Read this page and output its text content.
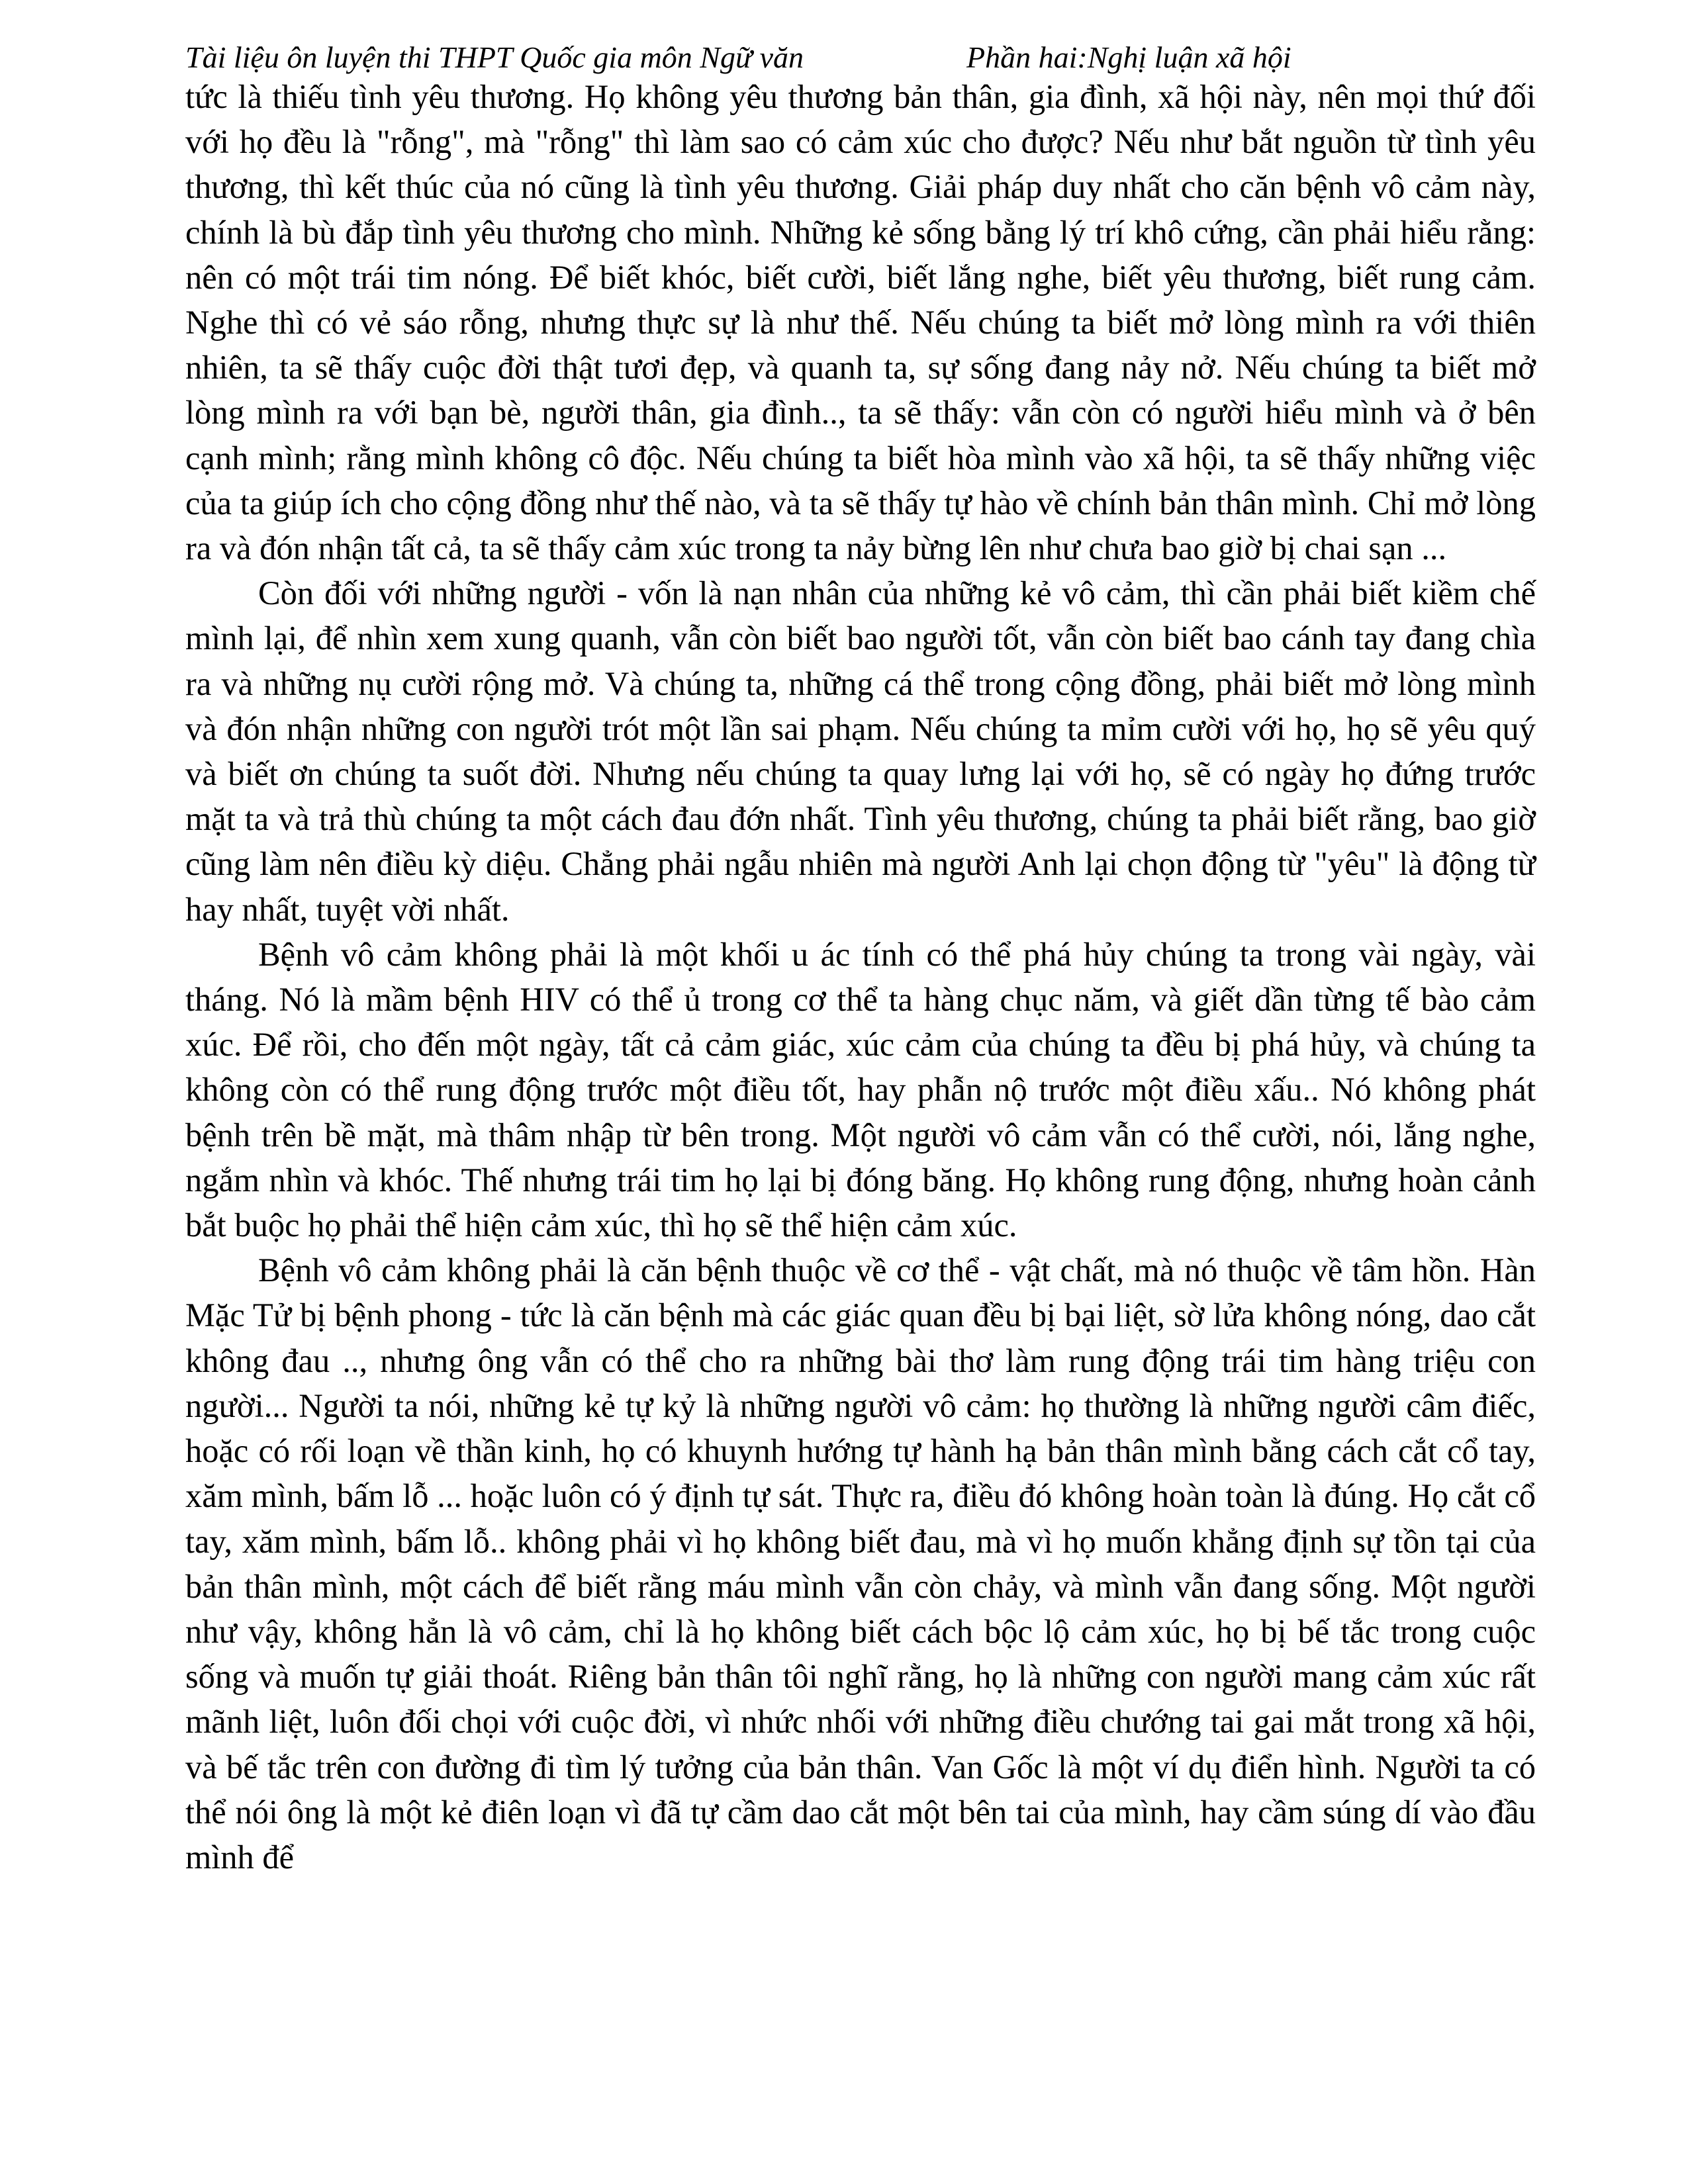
Tài liệu ôn luyện thi THPT Quốc gia môn Ngữ văn	Phần hai:Nghị luận xã hội

tức là thiếu tình yêu thương. Họ không yêu thương bản thân, gia đình, xã hội này, nên mọi thứ đối với họ đều là "rỗng", mà "rỗng" thì làm sao có cảm xúc cho được? Nếu như bắt nguồn từ tình yêu thương, thì kết thúc của nó cũng là tình yêu thương. Giải pháp duy nhất cho căn bệnh vô cảm này, chính là bù đắp tình yêu thương cho mình. Những kẻ sống bằng lý trí khô cứng, cần phải hiểu rằng: nên có một trái tim nóng. Để biết khóc, biết cười, biết lắng nghe, biết yêu thương, biết rung cảm. Nghe thì có vẻ sáo rỗng, nhưng thực sự là như thế. Nếu chúng ta biết mở lòng mình ra với thiên nhiên, ta sẽ thấy cuộc đời thật tươi đẹp, và quanh ta, sự sống đang nảy nở. Nếu chúng ta biết mở lòng mình ra với bạn bè, người thân, gia đình.., ta sẽ thấy: vẫn còn có người hiểu mình và ở bên cạnh mình; rằng mình không cô độc. Nếu chúng ta biết hòa mình vào xã hội, ta sẽ thấy những việc của ta giúp ích cho cộng đồng như thế nào, và ta sẽ thấy tự hào về chính bản thân mình. Chỉ mở lòng ra và đón nhận tất cả, ta sẽ thấy cảm xúc trong ta nảy bừng lên như chưa bao giờ bị chai sạn ...

Còn đối với những người - vốn là nạn nhân của những kẻ vô cảm, thì cần phải biết kiềm chế mình lại, để nhìn xem xung quanh, vẫn còn biết bao người tốt, vẫn còn biết bao cánh tay đang chìa ra và những nụ cười rộng mở. Và chúng ta, những cá thể trong cộng đồng, phải biết mở lòng mình và đón nhận những con người trót một lần sai phạm. Nếu chúng ta mỉm cười với họ, họ sẽ yêu quý và biết ơn chúng ta suốt đời. Nhưng nếu chúng ta quay lưng lại với họ, sẽ có ngày họ đứng trước mặt ta và trả thù chúng ta một cách đau đớn nhất. Tình yêu thương, chúng ta phải biết rằng, bao giờ cũng làm nên điều kỳ diệu. Chẳng phải ngẫu nhiên mà người Anh lại chọn động từ "yêu" là động từ hay nhất, tuyệt vời nhất.

Bệnh vô cảm không phải là một khối u ác tính có thể phá hủy chúng ta trong vài ngày, vài tháng. Nó là mầm bệnh HIV có thể ủ trong cơ thể ta hàng chục năm, và giết dần từng tế bào cảm xúc. Để rồi, cho đến một ngày, tất cả cảm giác, xúc cảm của chúng ta đều bị phá hủy, và chúng ta không còn có thể rung động trước một điều tốt, hay phẫn nộ trước một điều xấu.. Nó không phát bệnh trên bề mặt, mà thâm nhập từ bên trong. Một người vô cảm vẫn có thể cười, nói, lắng nghe, ngắm nhìn và khóc. Thế nhưng trái tim họ lại bị đóng băng. Họ không rung động, nhưng hoàn cảnh bắt buộc họ phải thể hiện cảm xúc, thì họ sẽ thể hiện cảm xúc.

Bệnh vô cảm không phải là căn bệnh thuộc về cơ thể - vật chất, mà nó thuộc về tâm hồn. Hàn Mặc Tử bị bệnh phong - tức là căn bệnh mà các giác quan đều bị bại liệt, sờ lửa không nóng, dao cắt không đau .., nhưng ông vẫn có thể cho ra những bài thơ làm rung động trái tim hàng triệu con người... Người ta nói, những kẻ tự kỷ là những người vô cảm: họ thường là những người câm điếc, hoặc có rối loạn về thần kinh, họ có khuynh hướng tự hành hạ bản thân mình bằng cách cắt cổ tay, xăm mình, bấm lỗ ... hoặc luôn có ý định tự sát. Thực ra, điều đó không hoàn toàn là đúng. Họ cắt cổ tay, xăm mình, bấm lỗ.. không phải vì họ không biết đau, mà vì họ muốn khẳng định sự tồn tại của bản thân mình, một cách để biết rằng máu mình vẫn còn chảy, và mình vẫn đang sống. Một người như vậy, không hẳn là vô cảm, chỉ là họ không biết cách bộc lộ cảm xúc, họ bị bế tắc trong cuộc sống và muốn tự giải thoát. Riêng bản thân tôi nghĩ rằng, họ là những con người mang cảm xúc rất mãnh liệt, luôn đối chọi với cuộc đời, vì nhức nhối với những điều chướng tai gai mắt trong xã hội, và bế tắc trên con đường đi tìm lý tưởng của bản thân. Van Gốc là một ví dụ điển hình. Người ta có thể nói ông là một kẻ điên loạn vì đã tự cầm dao cắt một bên tai của mình, hay cầm súng dí vào đầu mình để
